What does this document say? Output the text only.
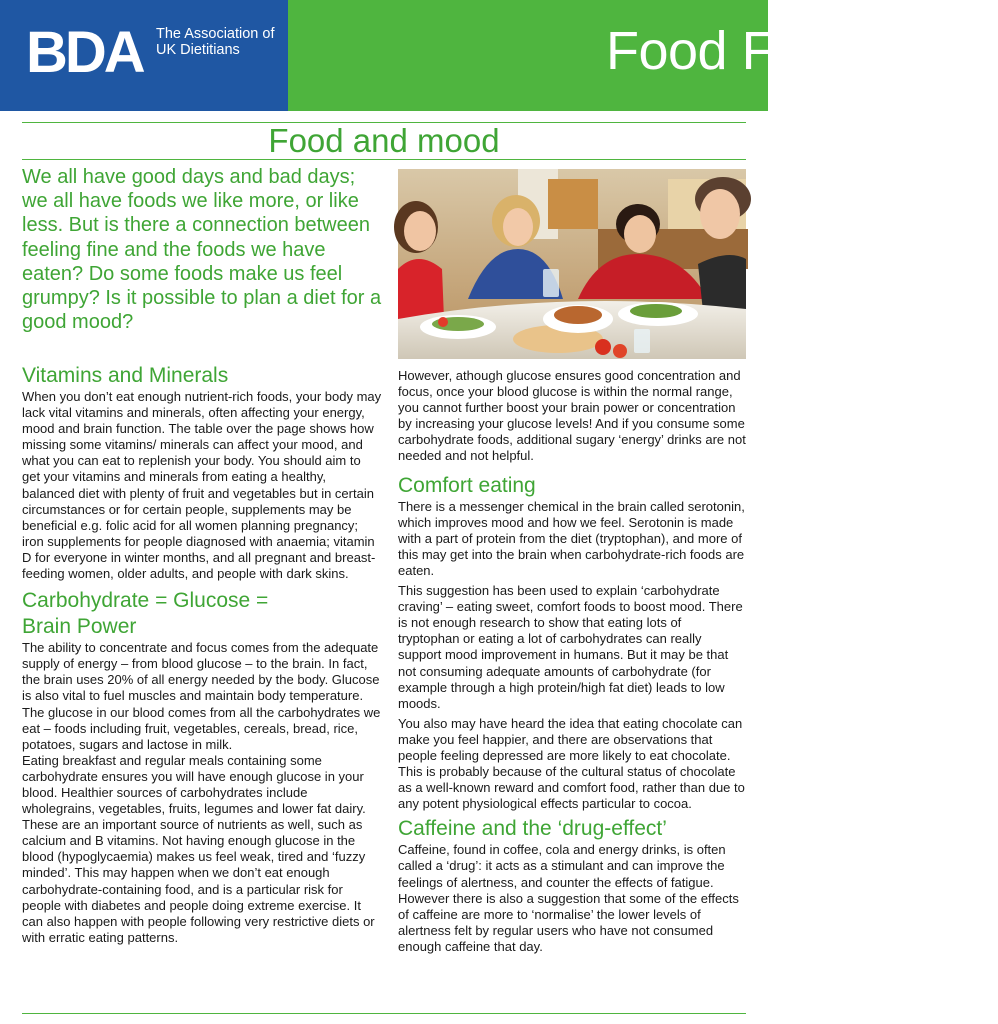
BDA The Association of UK Dietitians	Food Fact Sheet
Food and mood
We all have good days and bad days; we all have foods we like more, or like less. But is there a connection between feeling fine and the foods we have eaten? Do some foods make us feel grumpy? Is it possible to plan a diet for a good mood?
Vitamins and Minerals

When you don’t eat enough nutrient-rich foods, your body may lack vital vitamins and minerals, often affecting your energy, mood and brain function. The table over the page shows how missing some vitamins/ minerals can affect your mood, and what you can eat to replenish your body. You should aim to get your vitamins and minerals from eating a healthy, balanced diet with plenty of fruit and vegetables but in certain circumstances or for certain people, supplements may be beneficial e.g. folic acid for all women planning pregnancy; iron supplements for people diagnosed with anaemia; vitamin D for everyone in winter months, and all pregnant and breast-feeding women, older adults, and people with dark skins.

Carbohydrate = Glucose =
Brain Power

The ability to concentrate and focus comes from the adequate supply of energy – from blood glucose – to the brain. In fact, the brain uses 20% of all energy needed by the body. Glucose is also vital to fuel muscles and maintain body temperature. The glucose in our blood comes from all the carbohydrates we eat – foods including fruit, vegetables, cereals, bread, rice, potatoes, sugars and lactose in milk.

Eating breakfast and regular meals containing some carbohydrate ensures you will have enough glucose in your blood. Healthier sources of carbohydrates include wholegrains, vegetables, fruits, legumes and lower fat dairy. These are an important source of nutrients as well, such as calcium and B vitamins. Not having enough glucose in the blood (hypoglycaemia) makes us feel weak, tired and ‘fuzzy minded’. This may happen when we don’t eat enough carbohydrate-containing food, and is a particular risk for people with diabetes and people doing extreme exercise. It can also happen with people following very restrictive diets or with erratic eating patterns.

However, athough glucose ensures good concentration and focus, once your blood glucose is within the normal range, you cannot further boost your brain power or concentration by increasing your glucose levels! And if you consume some carbohydrate foods, additional sugary ‘energy’ drinks are not needed and not helpful.

Comfort eating

There is a messenger chemical in the brain called serotonin, which improves mood and how we feel. Serotonin is made with a part of protein from the diet (tryptophan), and more of this may get into the brain when carbohydrate-rich foods are eaten.

This suggestion has been used to explain ‘carbohydrate craving’ – eating sweet, comfort foods to boost mood. There is not enough research to show that eating lots of tryptophan or eating a lot of carbohydrates can really support mood improvement in humans. But it may be that not consuming adequate amounts of carbohydrate (for example through a high protein/high fat diet) leads to low moods.

You also may have heard the idea that eating chocolate can make you feel happier, and there are observations that people feeling depressed are more likely to eat chocolate. This is probably because of the cultural status of chocolate as a well-known reward and comfort food, rather than due to any potent physiological effects particular to cocoa.

Caffeine and the ‘drug-effect’

Caffeine, found in coffee, cola and energy drinks, is often called a ‘drug’: it acts as a stimulant and can improve the feelings of alertness, and counter the effects of fatigue. However there is also a suggestion that some of the effects of caffeine are more to ‘normalise’ the lower levels of alertness felt by regular users who have not consumed enough caffeine that day.
